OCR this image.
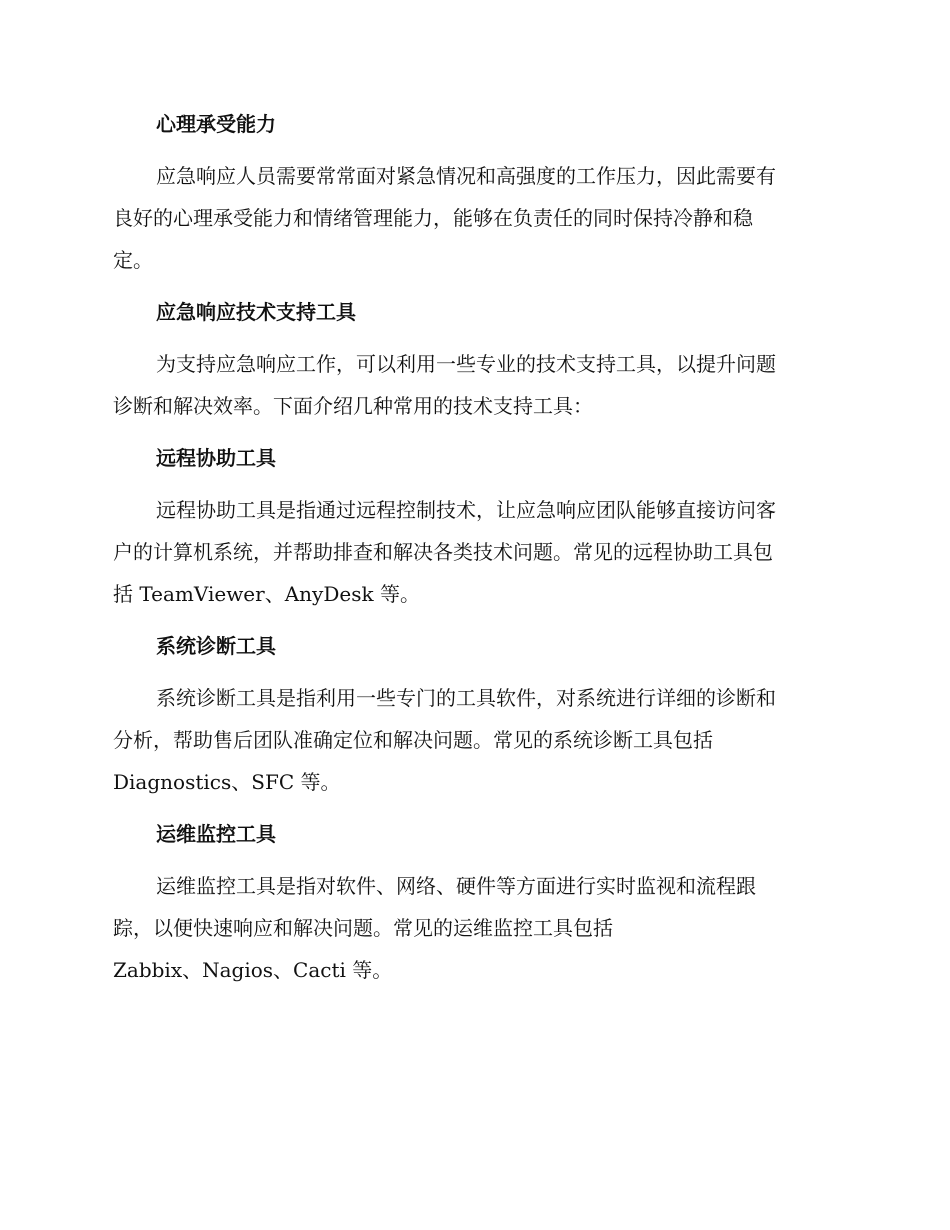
心理承受能力
应急响应人员需要常常面对紧急情况和高强度的工作压力，因此需要有
良好的心理承受能力和情绪管理能力，能够在负责任的同时保持冷静和稳
定。
应急响应技术支持工具
为支持应急响应工作，可以利用一些专业的技术支持工具，以提升问题
诊断和解决效率。下面介绍几种常用的技术支持工具：
远程协助工具
远程协助工具是指通过远程控制技术，让应急响应团队能够直接访问客
户的计算机系统，并帮助排查和解决各类技术问题。常见的远程协助工具包
括 TeamViewer、AnyDesk 等。
系统诊断工具
系统诊断工具是指利用一些专门的工具软件，对系统进行详细的诊断和
分析，帮助售后团队准确定位和解决问题。常见的系统诊断工具包括
Diagnostics、SFC 等。
运维监控工具
运维监控工具是指对软件、网络、硬件等方面进行实时监视和流程跟
踪，以便快速响应和解决问题。常见的运维监控工具包括
Zabbix、Nagios、Cacti 等。
